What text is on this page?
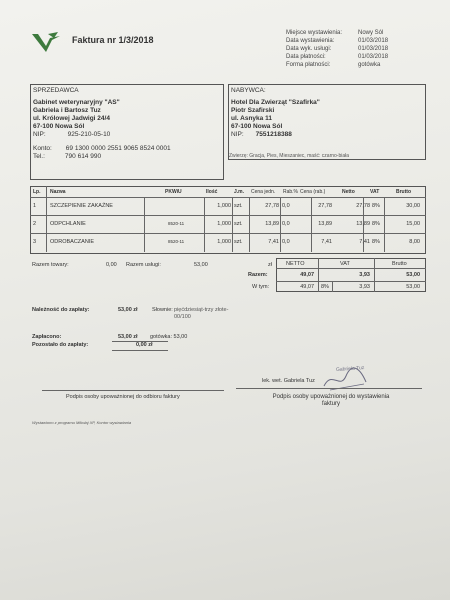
Faktura nr 1/3/2018
Miejsce wystawienia:	Nowy Sól
Data wystawienia:	01/03/2018
Data wyk. usługi:	01/03/2018
Data płatności:	01/03/2018
Forma płatności:	gotówka
SPRZEDAWCA
Gabinet weterynaryjny "AS"
Gabriela i Bartosz Tuz
ul. Królowej Jadwigi 24/4
67-100 Nowa Sól
NIP:	925-210-05-10
Konto: 69 1300 0000 2551 9065 8524 0001
Tel.:	790 614 990
NABYWCA:
Hotel Dla Zwierząt "Szafirka"
Piotr Szafirski
ul. Asnyka 11
67-100 Nowa Sól
NIP: 7551218388
Zwierzę: Gracja, Pies, Mieszaniec, maść: czarno-biała
Lp. Nazwa	PKWiU	Ilość	J.m. Cena jedn. Rab.% Cena (rab.)	Netto	VAT	Brutto
1	SZCZEPIENIE ZAKAŹNE	1,000 szt.	27,78 0,0	27,78	27,78 8%	30,00
2	ODPCHLANIE	8520-11	1,000 szt.	13,89 0,0	13,89	13,89 8%	15,00
3	ODROBACZANIE	8520-11	1,000 szt.	7,41 0,0	7,41	7,41 8%	8,00
Razem towary:	0,00 Razem usługi:	53,00	zł	NETTO	VAT	Brutto
Razem:	49,07	3,93	53,00
W tym:	49,07 8%	3,93	53,00
Należność do zapłaty:	53,00 zł	Słownie: pięćdziesiąt-trzy złote-
00/100
Zapłacono:	53,00 zł gotówka: 53,00
Pozostało do zapłaty:	0,00 zł
lek. wet. Gabriela Tuz
Gabriela Tuz
Podpis osoby upoważnionej do odbioru faktury	Podpis osoby upoważnionej do wystawienia faktury
Wystawiono z programu Mikołaj XP, Kontor wystawiania
